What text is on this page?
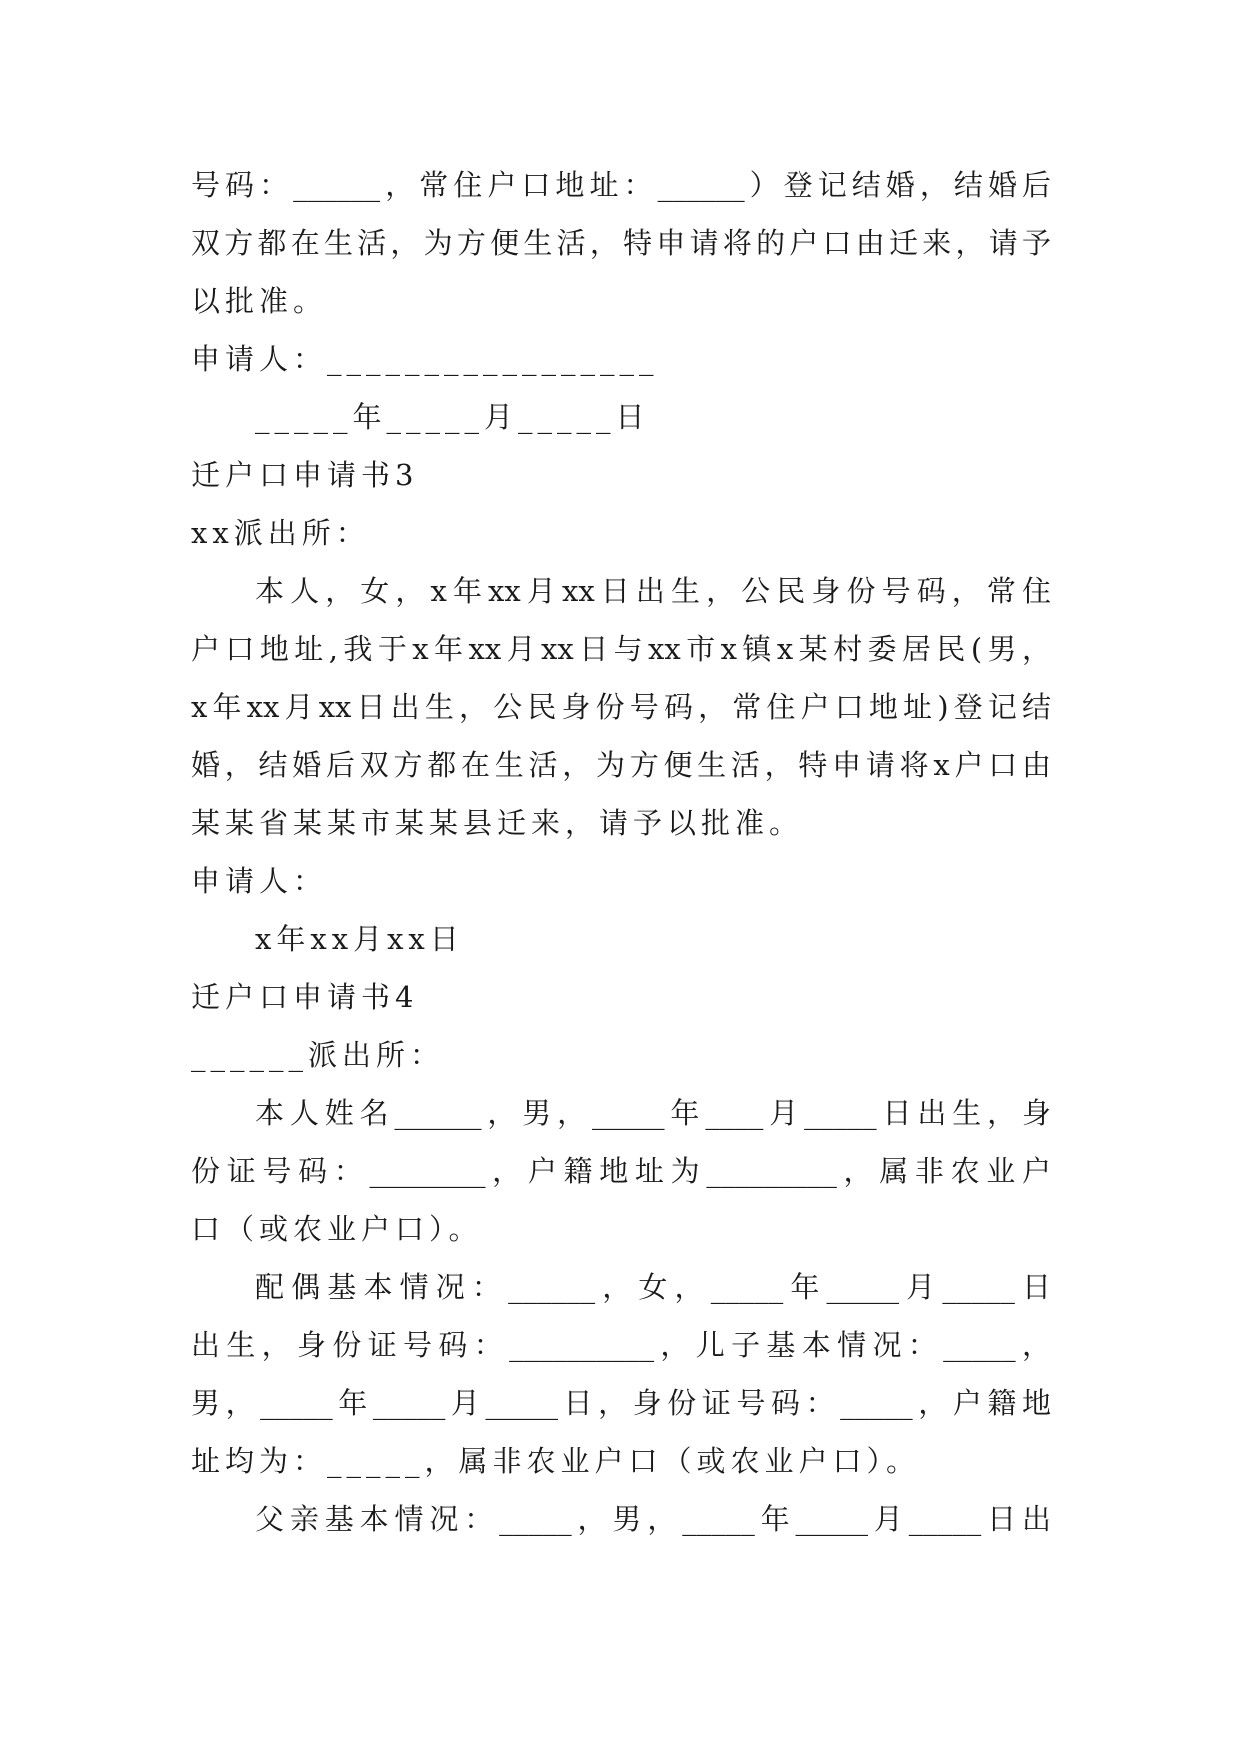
号码：______，常住户口地址：______）登记结婚，结婚后
双方都在生活，为方便生活，特申请将的户口由迁来，请予
以批准。
申请人：_________________
_____年_____月_____日
迁户口申请书3
xx派出所：
本人，女，x年xx月xx日出生，公民身份号码，常住
户口地址,我于x年xx月xx日与xx市x镇x某村委居民(男，
x年xx月xx日出生，公民身份号码，常住户口地址)登记结
婚，结婚后双方都在生活，为方便生活，特申请将x户口由
某某省某某市某某县迁来，请予以批准。
申请人：
x年xx月xx日
迁户口申请书4
______派出所：
本人姓名______，男，_____年____月_____日出生，身
份证号码：________，户籍地址为_________，属非农业户
口（或农业户口）。
配偶基本情况：______，女，_____年_____月_____日
出生，身份证号码：__________，儿子基本情况：_____，
男，_____年_____月_____日，身份证号码：_____，户籍地
址均为：_____，属非农业户口（或农业户口）。
父亲基本情况：_____，男，_____年_____月_____日出
